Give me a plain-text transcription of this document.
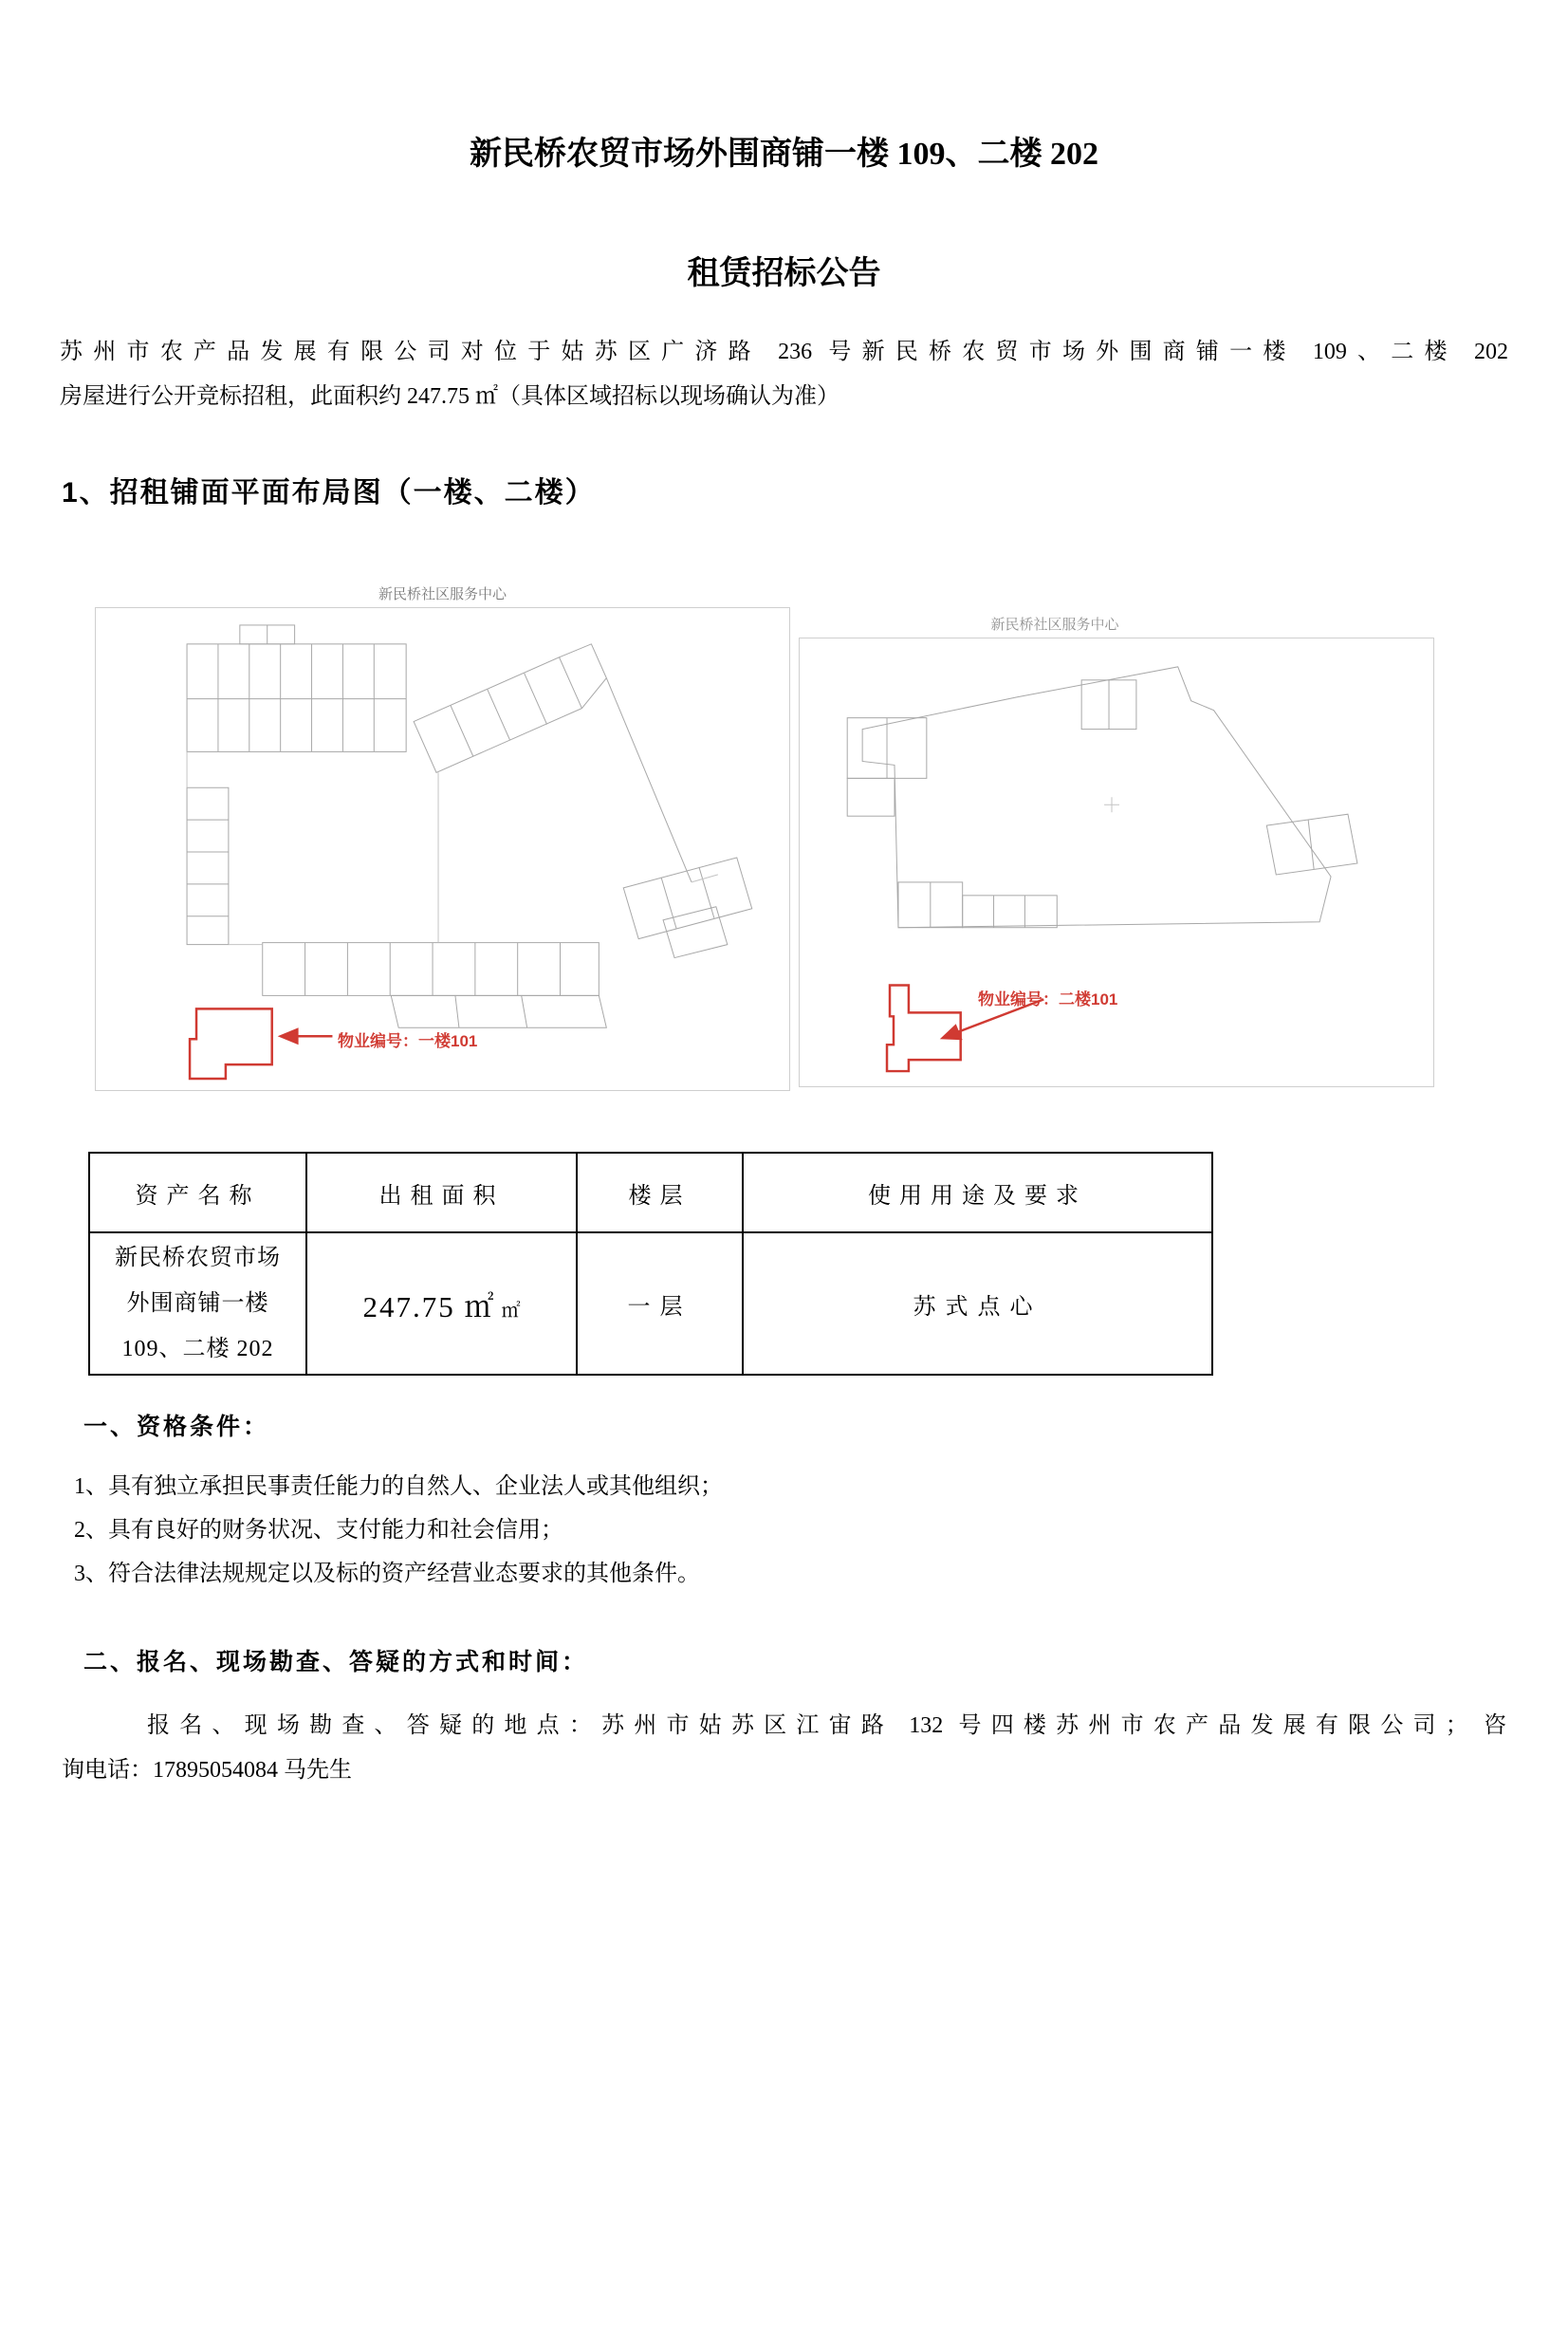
新民桥农贸市场外围商铺一楼 109、二楼 202
租赁招标公告

苏州市农产品发展有限公司对位于姑苏区广济路 236 号新民桥农贸市场外围商铺一楼 109、二楼 202
房屋进行公开竞标招租，此面积约 247.75 ㎡（具体区域招标以现场确认为准）

1、招租铺面平面布局图（一楼、二楼）
新民桥社区服务中心
物业编号：一楼101
新民桥社区服务中心
物业编号：二楼101
资产名称	出租面积	楼层	使用用途及要求
新民桥农贸市场外围商铺一楼 109、二楼 202	247.75 ㎡ ㎡	一层	苏式点心
一、资格条件：

1、具有独立承担民事责任能力的自然人、企业法人或其他组织；

2、具有良好的财务状况、支付能力和社会信用；

3、符合法律法规规定以及标的资产经营业态要求的其他条件。

二、报名、现场勘查、答疑的方式和时间：

报名、现场勘查、答疑的地点：苏州市姑苏区江宙路 132 号四楼苏州市农产品发展有限公司； 咨
询电话：17895054084 马先生
